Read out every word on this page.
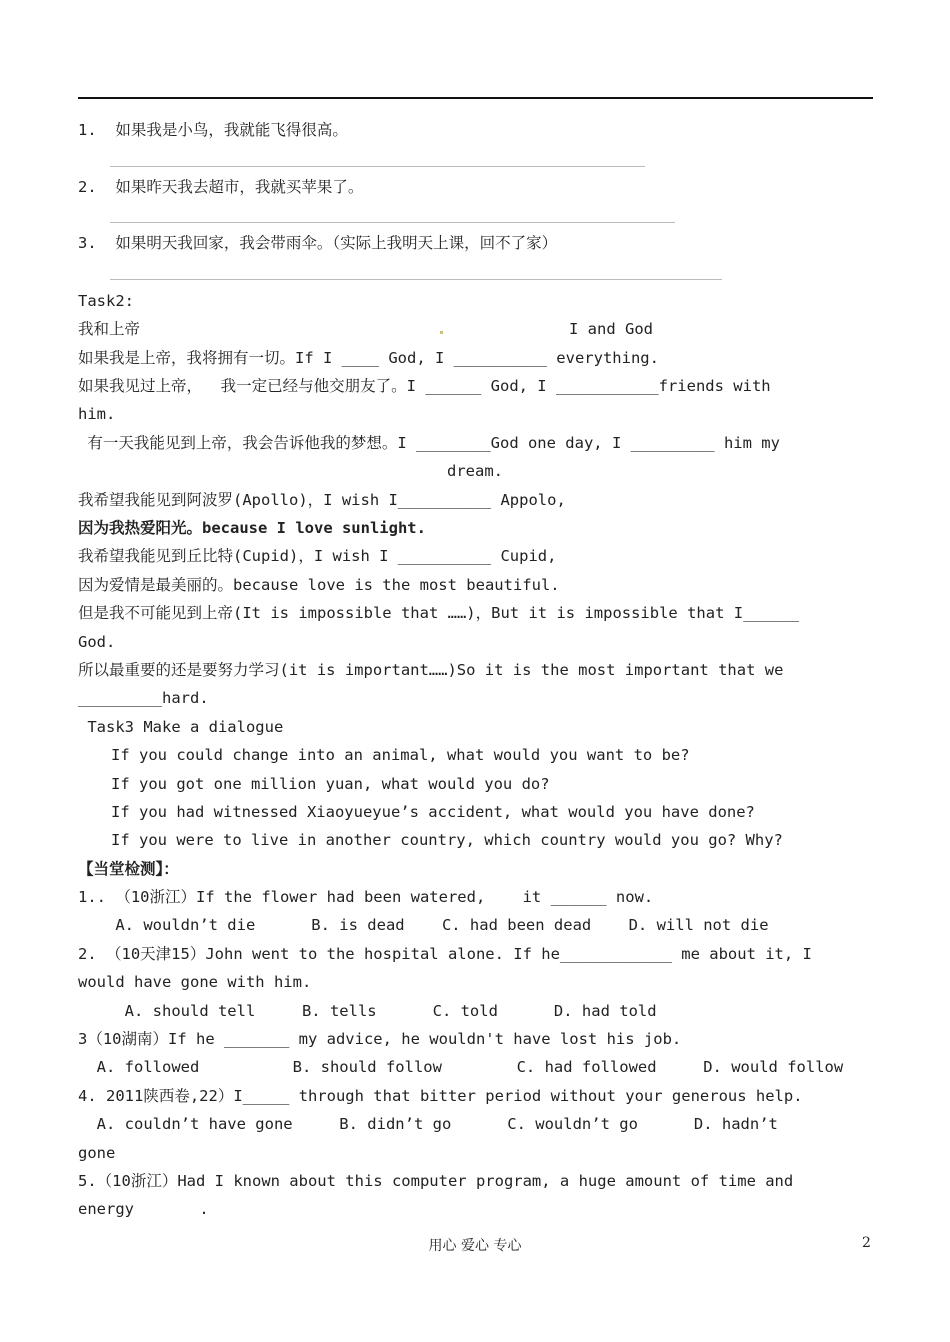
1.  如果我是小鸟，我就能飞得很高。
2.  如果昨天我去超市，我就买苹果了。
3.  如果明天我回家，我会带雨伞。（实际上我明天上课，回不了家）
Task2:
我和上帝	I and God
如果我是上帝，我将拥有一切。If I ____ God, I __________ everything.
如果我见过上帝，  我一定已经与他交朋友了。I ______ God, I ___________friends with
him.
有一天我能见到上帝，我会告诉他我的梦想。I ________God one day, I _________ him my
dream.
我希望我能见到阿波罗(Apollo)，I wish I__________ Appolo,
因为我热爱阳光。because I love sunlight.
我希望我能见到丘比特(Cupid)，I wish I __________ Cupid,
因为爱情是最美丽的。because love is the most beautiful.
但是我不可能见到上帝(It is impossible that ……)，But it is impossible that I______
God.
所以最重要的还是要努力学习(it is important……)So it is the most important that we
_________hard.
Task3 Make a dialogue
If you could change into an animal, what would you want to be?
If you got one million yuan, what would you do?
If you had witnessed Xiaoyueyue’s accident, what would you have done?
If you were to live in another country, which country would you go? Why?
【当堂检测】：
1.. （10浙江）If the flower had been watered,    it ______ now.
A. wouldn’t die      B. is dead    C. had been dead    D. will not die
2. （10天津15）John went to the hospital alone. If he____________ me about it, I
would have gone with him.
A. should tell     B. tells      C. told      D. had told
3（10湖南）If he _______ my advice, he wouldn't have lost his job.
A. followed          B. should follow        C. had followed     D. would follow
4. 2011陕西卷,22）I_____ through that bitter period without your generous help.
A. couldn’t have gone     B. didn’t go      C. wouldn’t go      D. hadn’t
gone
5.（10浙江）Had I known about this computer program, a huge amount of time and
energy       .
用心 爱心 专心	2
